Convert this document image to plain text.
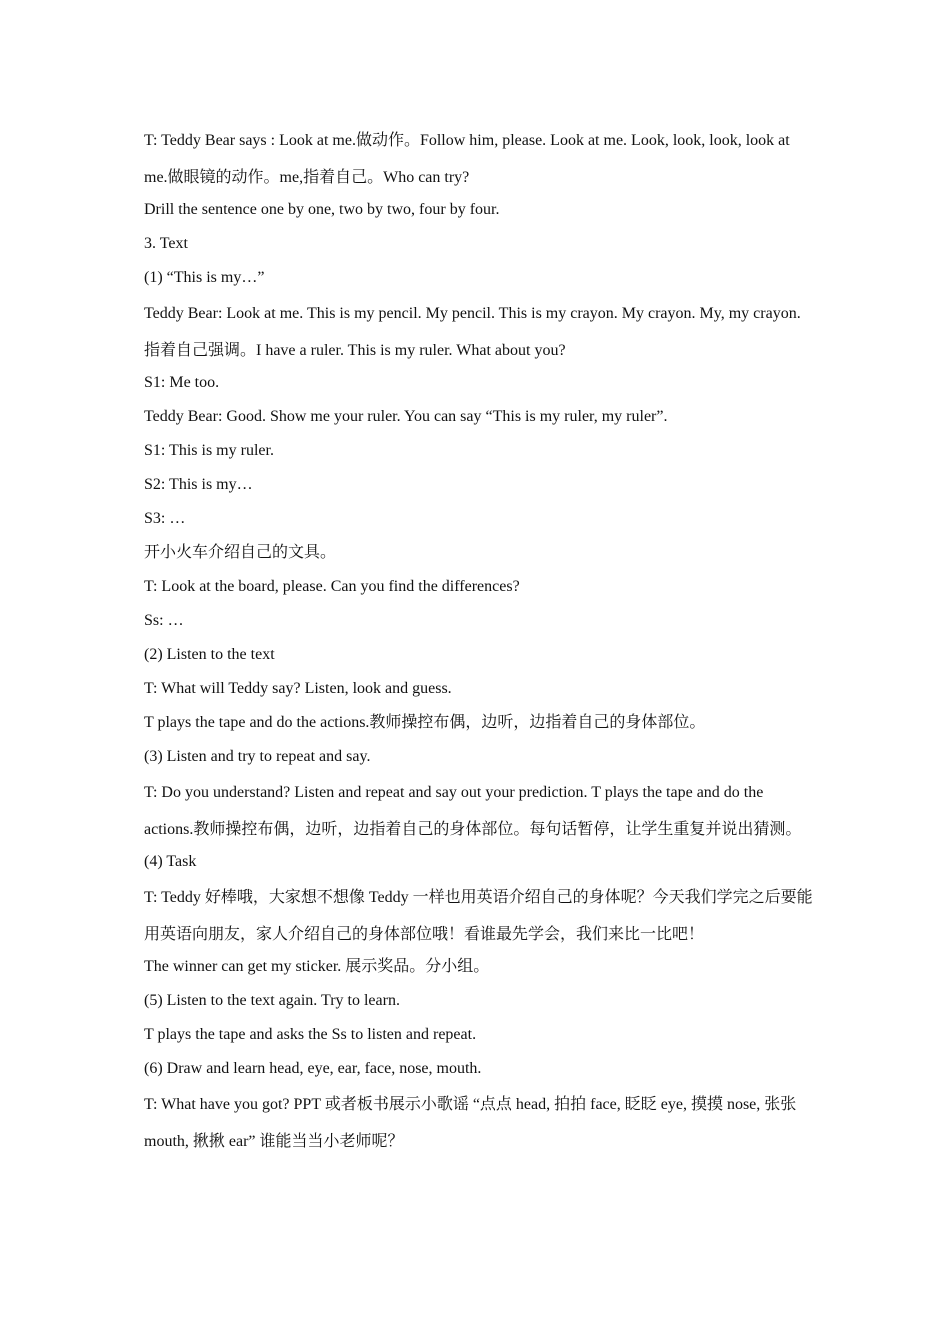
T: Teddy Bear says : Look at me.做动作。Follow him, please. Look at me. Look, look, look, look at me.做眼镜的动作。me,指着自己。Who can try?

Drill the sentence one by one, two by two, four by four.

3. Text

(1) “This is my…”

Teddy Bear: Look at me. This is my pencil. My pencil. This is my crayon. My crayon. My, my crayon.指着自己强调。I have a ruler. This is my ruler. What about you?

S1: Me too.

Teddy Bear: Good. Show me your ruler. You can say “This is my ruler, my ruler”.

S1: This is my ruler.

S2: This is my…

S3: …

开小火车介绍自己的文具。

T: Look at the board, please. Can you find the differences?

Ss: …

(2) Listen to the text

T: What will Teddy say? Listen, look and guess.

T plays the tape and do the actions.教师操控布偶，边听，边指着自己的身体部位。

(3) Listen and try to repeat and say.

T: Do you understand? Listen and repeat and say out your prediction. T plays the tape and do the actions.教师操控布偶，边听，边指着自己的身体部位。每句话暂停，让学生重复并说出猜测。

(4) Task

T: Teddy 好棒哦，大家想不想像 Teddy 一样也用英语介绍自己的身体呢？今天我们学完之后要能用英语向朋友，家人介绍自己的身体部位哦！看谁最先学会，我们来比一比吧！

The winner can get my sticker. 展示奖品。分小组。

(5) Listen to the text again. Try to learn.

T plays the tape and asks the Ss to listen and repeat.

(6) Draw and learn head, eye, ear, face, nose, mouth.

T: What have you got? PPT 或者板书展示小歌谣 “点点 head, 拍拍 face, 眨眨 eye, 摸摸 nose, 张张 mouth, 揪揪 ear” 谁能当当小老师呢？
